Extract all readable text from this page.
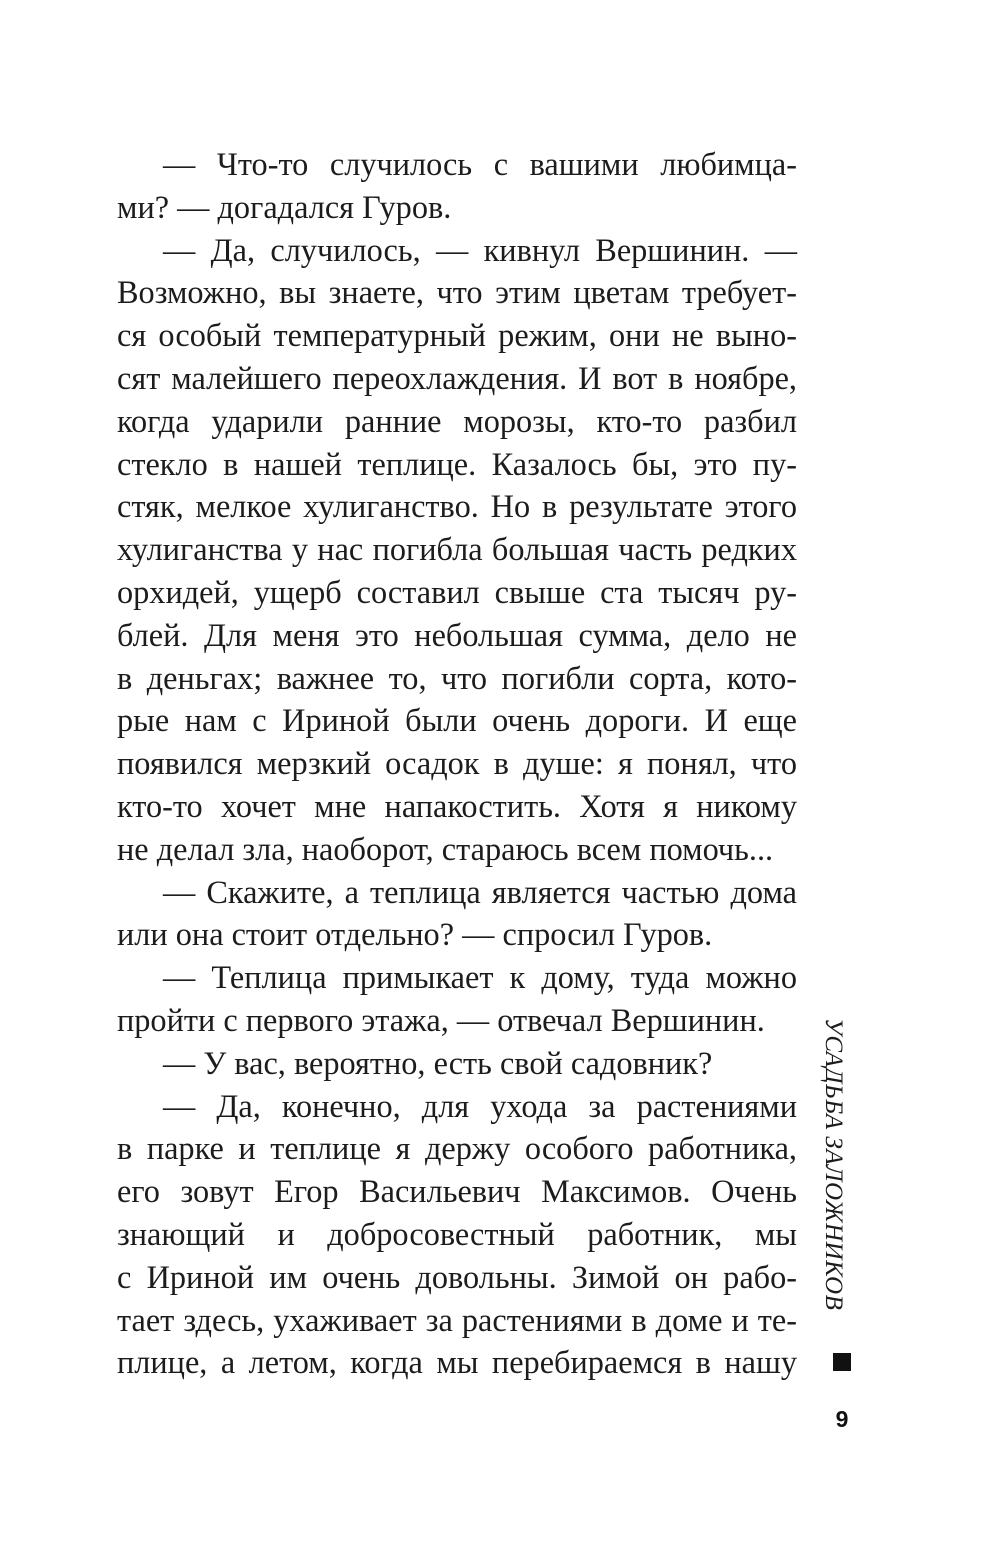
— Что-то случилось с вашими любимца-
ми? — догадался Гуров.
— Да, случилось, — кивнул Вершинин. —
Возможно, вы знаете, что этим цветам требует-
ся особый температурный режим, они не выно-
сят малейшего переохлаждения. И вот в ноябре,
когда ударили ранние морозы, кто-то разбил
стекло в нашей теплице. Казалось бы, это пу-
стяк, мелкое хулиганство. Но в результате этого
хулиганства у нас погибла большая часть редких
орхидей, ущерб составил свыше ста тысяч ру-
блей. Для меня это небольшая сумма, дело не
в деньгах; важнее то, что погибли сорта, кото-
рые нам с Ириной были очень дороги. И еще
появился мерзкий осадок в душе: я понял, что
кто-то хочет мне напакостить. Хотя я никому
не делал зла, наоборот, стараюсь всем помочь...
— Скажите, а теплица является частью дома
или она стоит отдельно? — спросил Гуров.
— Теплица примыкает к дому, туда можно
пройти с первого этажа, — отвечал Вершинин.
— У вас, вероятно, есть свой садовник?
— Да, конечно, для ухода за растениями
в парке и теплице я держу особого работника,
его зовут Егор Васильевич Максимов. Очень
знающий и добросовестный работник, мы
с Ириной им очень довольны. Зимой он рабо-
тает здесь, ухаживает за растениями в доме и те-
плице, а летом, когда мы перебираемся в нашу
УСАДЬБА ЗАЛОЖНИКОВ
9
